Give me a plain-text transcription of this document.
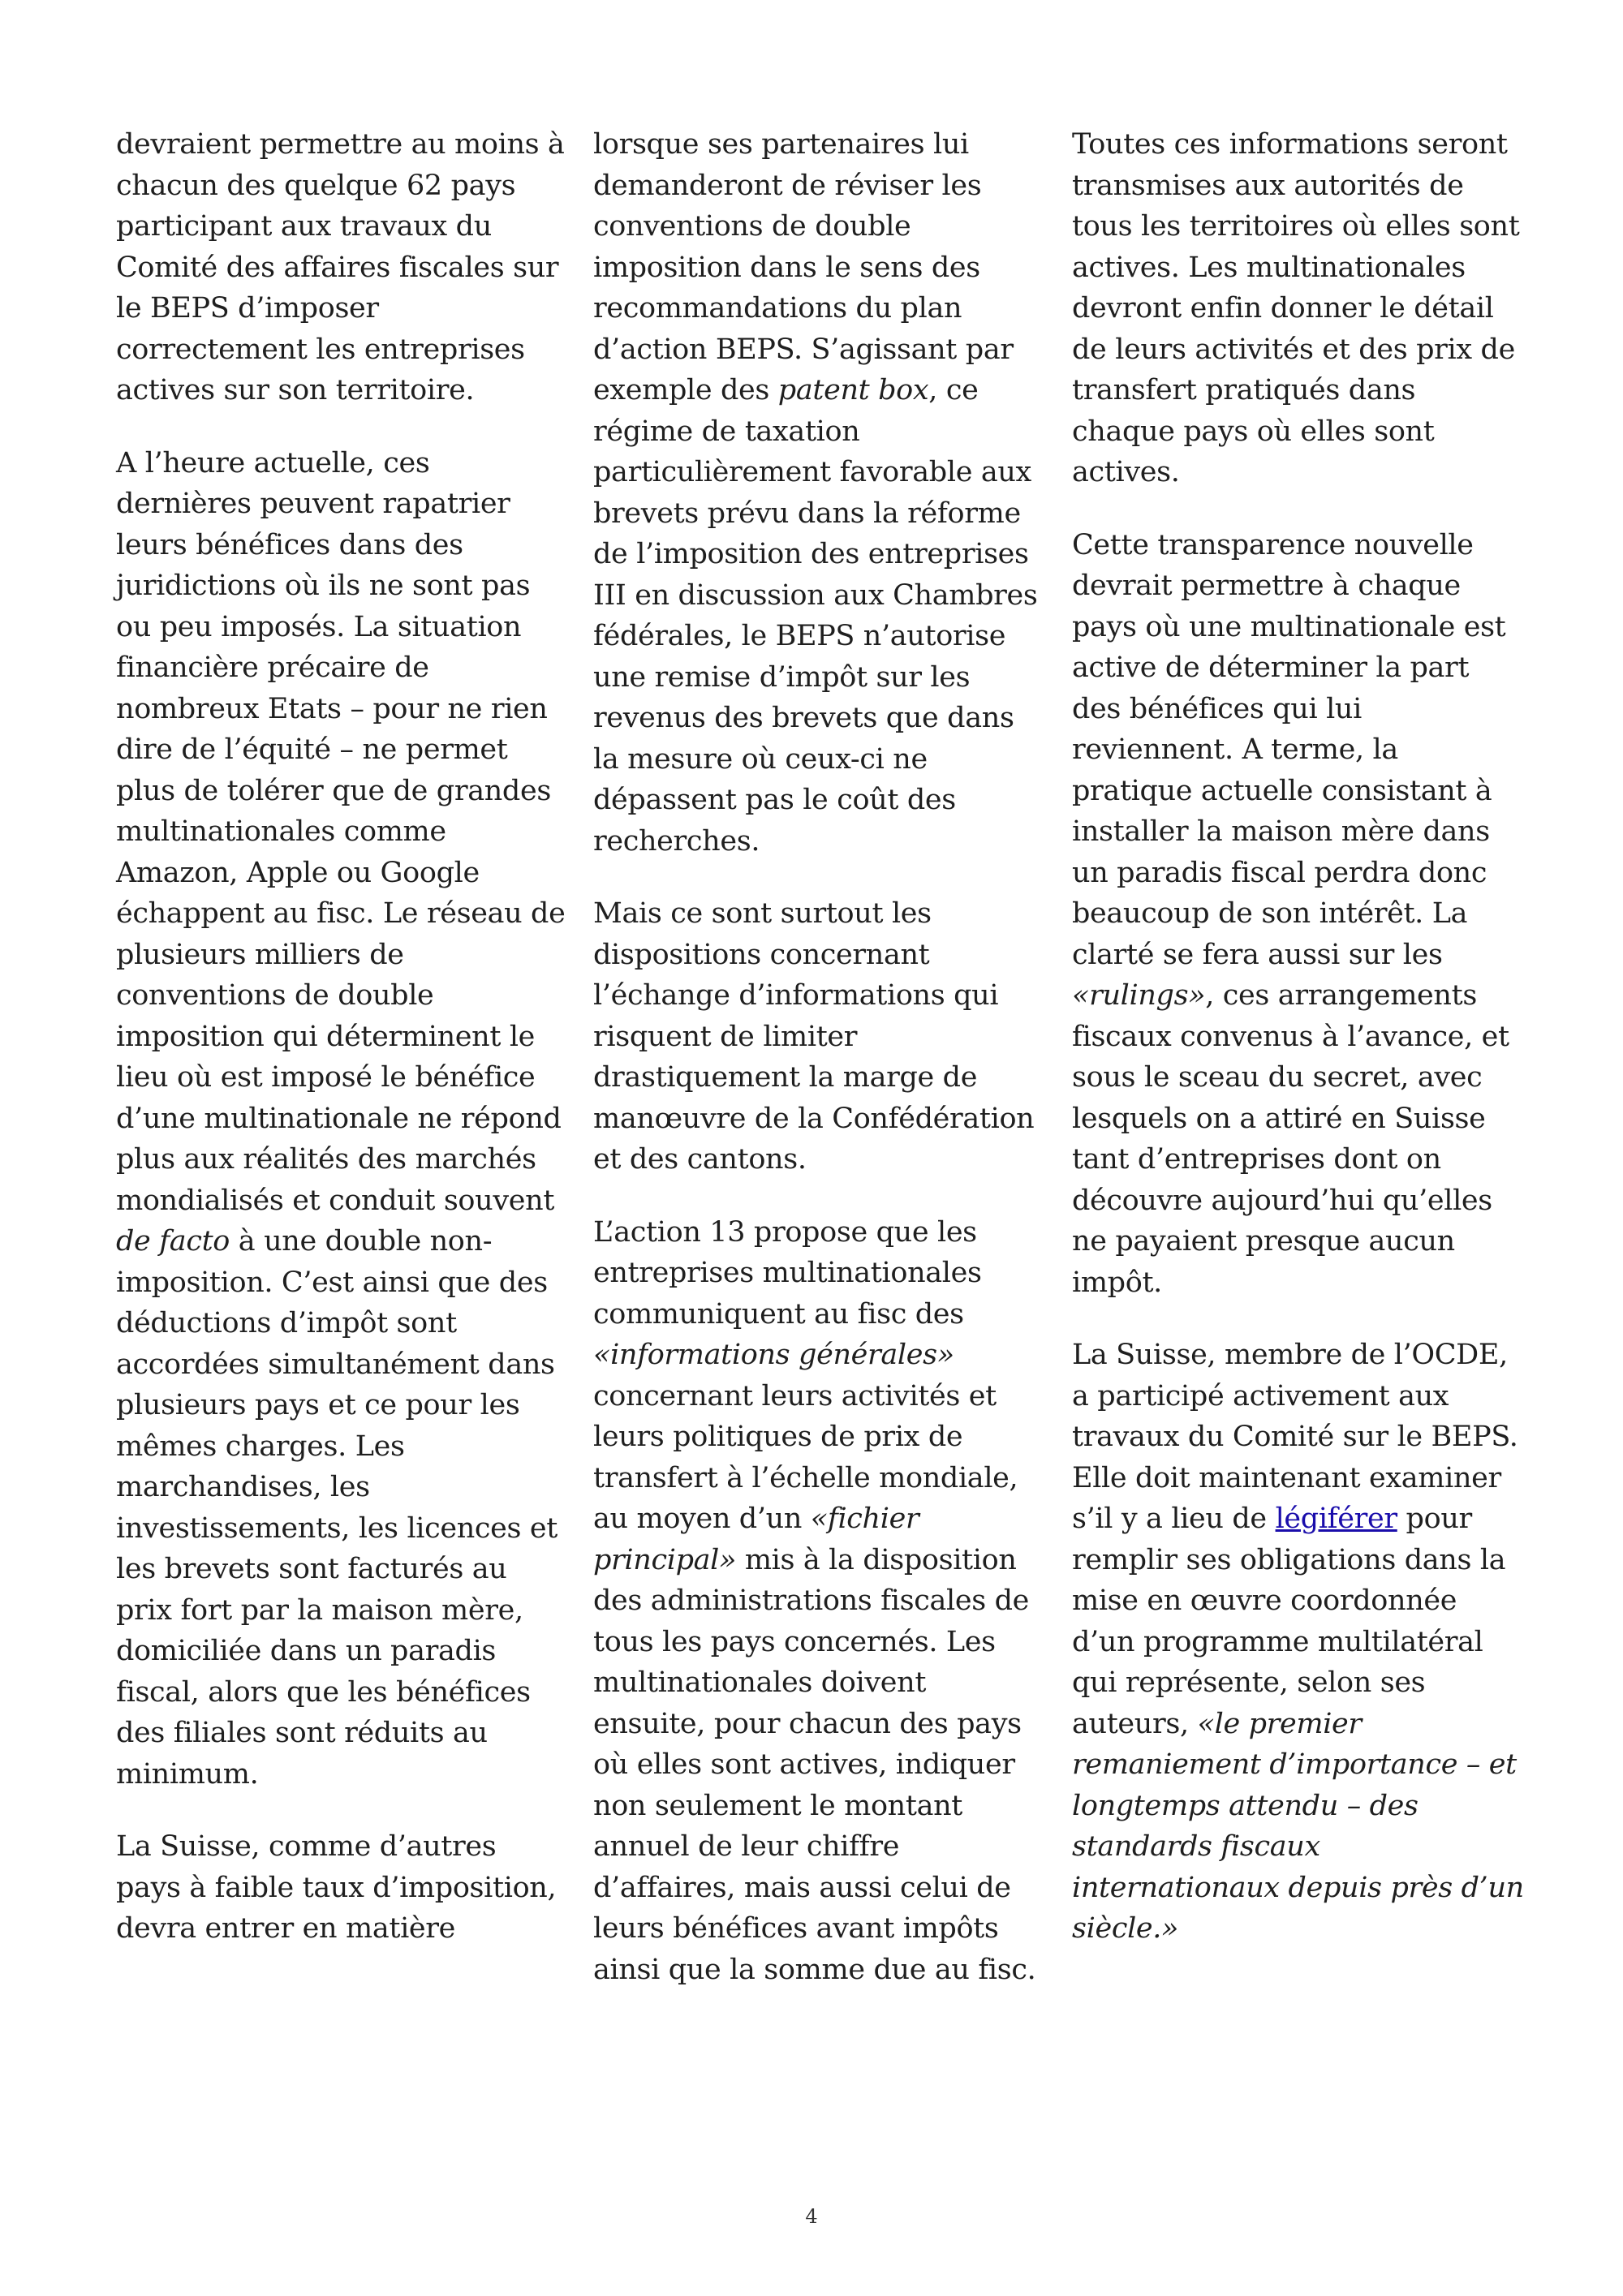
devraient permettre au moins à
chacun des quelque 62 pays
participant aux travaux du
Comité des affaires fiscales sur
le BEPS d’imposer
correctement les entreprises
actives sur son territoire.

A l’heure actuelle, ces
dernières peuvent rapatrier
leurs bénéfices dans des
juridictions où ils ne sont pas
ou peu imposés. La situation
financière précaire de
nombreux Etats – pour ne rien
dire de l’équité – ne permet
plus de tolérer que de grandes
multinationales comme
Amazon, Apple ou Google
échappent au fisc. Le réseau de
plusieurs milliers de
conventions de double
imposition qui déterminent le
lieu où est imposé le bénéfice
d’une multinationale ne répond
plus aux réalités des marchés
mondialisés et conduit souvent
de facto à une double non-
imposition. C’est ainsi que des
déductions d’impôt sont
accordées simultanément dans
plusieurs pays et ce pour les
mêmes charges. Les
marchandises, les
investissements, les licences et
les brevets sont facturés au
prix fort par la maison mère,
domiciliée dans un paradis
fiscal, alors que les bénéfices
des filiales sont réduits au
minimum.

La Suisse, comme d’autres
pays à faible taux d’imposition,
devra entrer en matière

lorsque ses partenaires lui
demanderont de réviser les
conventions de double
imposition dans le sens des
recommandations du plan
d’action BEPS. S’agissant par
exemple des patent box, ce
régime de taxation
particulièrement favorable aux
brevets prévu dans la réforme
de l’imposition des entreprises
III en discussion aux Chambres
fédérales, le BEPS n’autorise
une remise d’impôt sur les
revenus des brevets que dans
la mesure où ceux-ci ne
dépassent pas le coût des
recherches.

Mais ce sont surtout les
dispositions concernant
l’échange d’informations qui
risquent de limiter
drastiquement la marge de
manœuvre de la Confédération
et des cantons.

L’action 13 propose que les
entreprises multinationales
communiquent au fisc des
«informations générales»
concernant leurs activités et
leurs politiques de prix de
transfert à l’échelle mondiale,
au moyen d’un «fichier
principal» mis à la disposition
des administrations fiscales de
tous les pays concernés. Les
multinationales doivent
ensuite, pour chacun des pays
où elles sont actives, indiquer
non seulement le montant
annuel de leur chiffre
d’affaires, mais aussi celui de
leurs bénéfices avant impôts
ainsi que la somme due au fisc.

Toutes ces informations seront
transmises aux autorités de
tous les territoires où elles sont
actives. Les multinationales
devront enfin donner le détail
de leurs activités et des prix de
transfert pratiqués dans
chaque pays où elles sont
actives.

Cette transparence nouvelle
devrait permettre à chaque
pays où une multinationale est
active de déterminer la part
des bénéfices qui lui
reviennent. A terme, la
pratique actuelle consistant à
installer la maison mère dans
un paradis fiscal perdra donc
beaucoup de son intérêt. La
clarté se fera aussi sur les
«rulings», ces arrangements
fiscaux convenus à l’avance, et
sous le sceau du secret, avec
lesquels on a attiré en Suisse
tant d’entreprises dont on
découvre aujourd’hui qu’elles
ne payaient presque aucun
impôt.

La Suisse, membre de l’OCDE,
a participé activement aux
travaux du Comité sur le BEPS.
Elle doit maintenant examiner
s’il y a lieu de légiférer pour
remplir ses obligations dans la
mise en œuvre coordonnée
d’un programme multilatéral
qui représente, selon ses
auteurs, «le premier
remaniement d’importance – et
longtemps attendu – des
standards fiscaux
internationaux depuis près d’un
siècle.»

4
